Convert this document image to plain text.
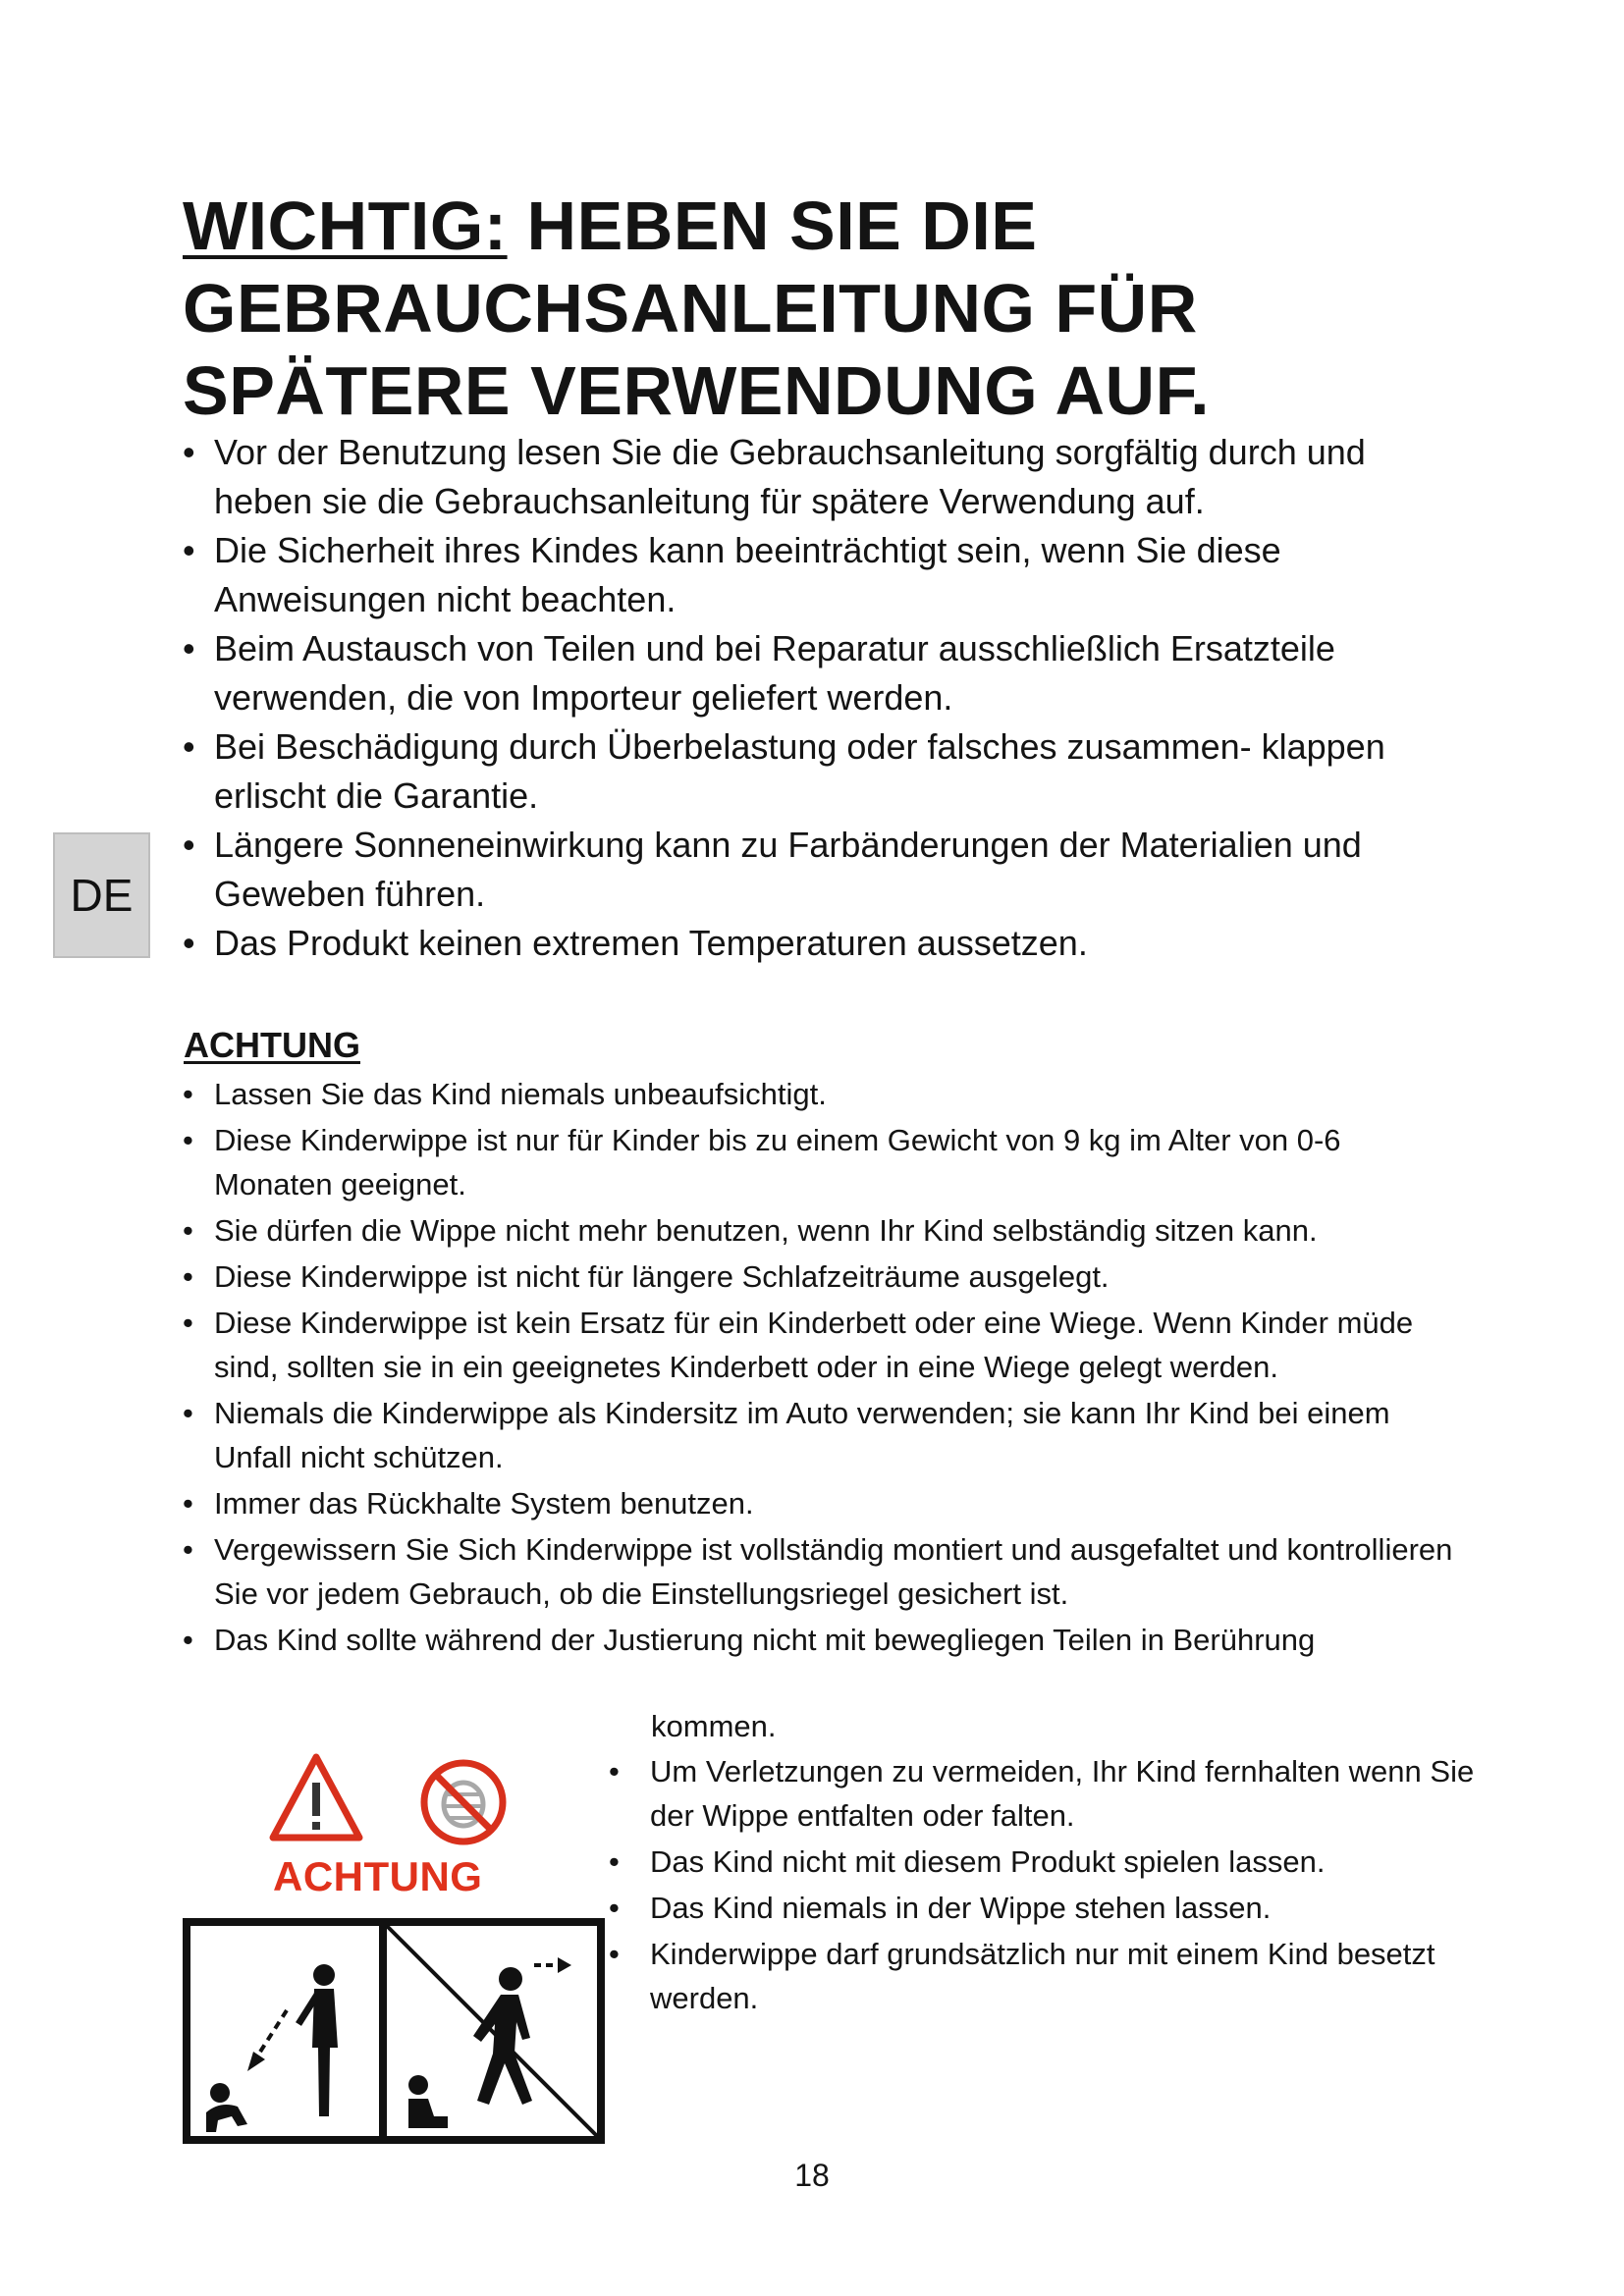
WICHTIG: HEBEN SIE DIE GEBRAUCHSANLEITUNG FÜR SPÄTERE VERWENDUNG AUF.
• Vor der Benutzung lesen Sie die Gebrauchsanleitung sorgfältig durch und heben sie die Gebrauchsanleitung für spätere Verwendung auf.
• Die Sicherheit ihres Kindes kann beeinträchtigt sein, wenn Sie diese Anweisungen nicht beachten.
• Beim Austausch von Teilen und bei Reparatur ausschließlich Ersatzteile verwenden, die von Importeur geliefert werden.
• Bei Beschädigung durch Überbelastung oder falsches zusammen- klappen erlischt die Garantie.
• Längere Sonneneinwirkung kann zu Farbänderungen der Materialien und Geweben führen.
• Das Produkt keinen extremen Temperaturen aussetzen.
DE
ACHTUNG
• Lassen Sie das Kind niemals unbeaufsichtigt.
• Diese Kinderwippe ist nur für Kinder bis zu einem Gewicht von 9 kg im Alter von 0-6 Monaten geeignet.
• Sie dürfen die Wippe nicht mehr benutzen, wenn Ihr Kind selbständig sitzen kann.
• Diese Kinderwippe ist nicht für längere Schlafzeiträume ausgelegt.
• Diese Kinderwippe ist kein Ersatz für ein Kinderbett oder eine Wiege. Wenn Kinder müde sind, sollten sie in ein geeignetes Kinderbett oder in eine Wiege gelegt werden.
• Niemals die Kinderwippe als Kindersitz im Auto verwenden; sie kann Ihr Kind bei einem Unfall nicht schützen.
• Immer das Rückhalte System benutzen.
• Vergewissern Sie Sich Kinderwippe ist vollständig montiert und ausgefaltet und kontrollieren Sie vor jedem Gebrauch, ob die Einstellungsriegel gesichert ist.
• Das Kind sollte während der Justierung nicht mit bewegliegen Teilen in Berührung
kommen.
ACHTUNG
• Um Verletzungen zu vermeiden, Ihr Kind fernhalten wenn Sie der Wippe entfalten oder falten.
• Das Kind nicht mit diesem Produkt spielen lassen.
• Das Kind niemals in der Wippe stehen lassen.
• Kinderwippe darf grundsätzlich nur mit einem Kind besetzt werden.
18
